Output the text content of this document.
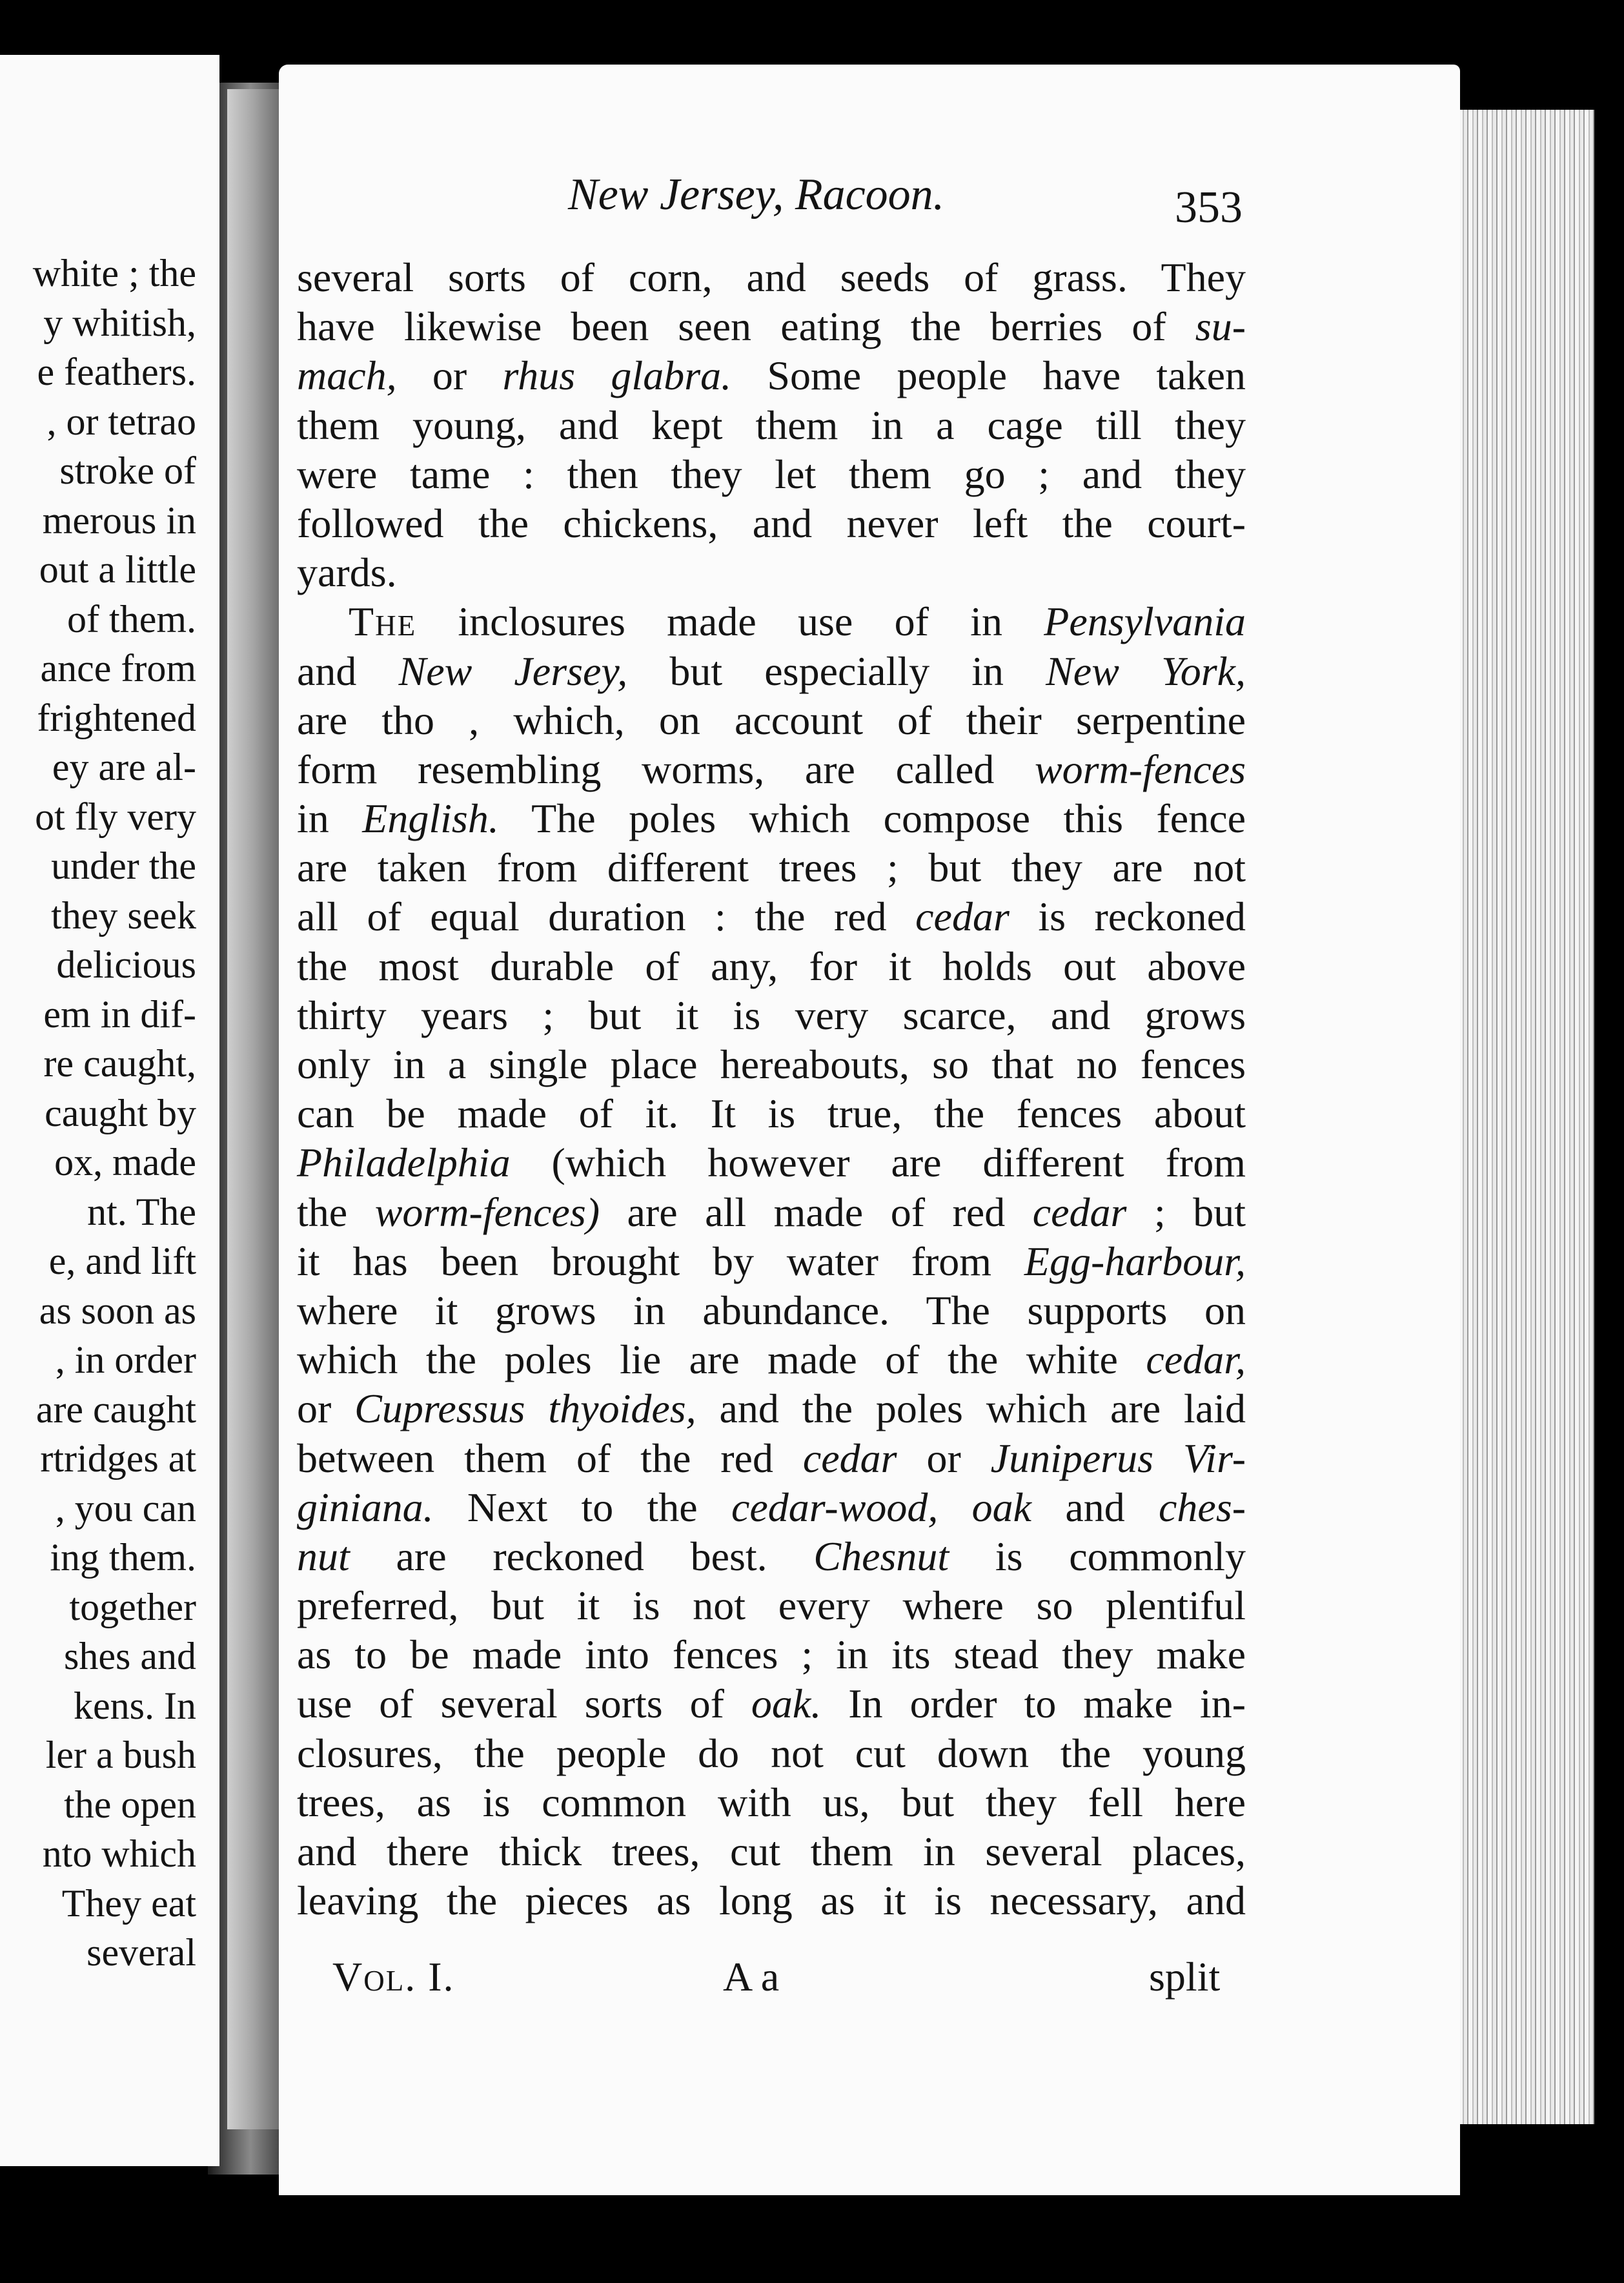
white ; the
y whitish,
e feathers.
, or tetrao
stroke of
merous in
out a little
of them.
ance from
frightened
ey are al-
ot fly very
under the
they seek
delicious
em in dif-
re caught,
caught by
ox, made
nt. The
e, and lift
as soon as
, in order
are caught
rtridges at
, you can
ing them.
together
shes and
kens. In
ler a bush
the open
nto which
They eat
several
New Jersey, Racoon.	353
several sorts of corn, and seeds of grass. They
have likewise been seen eating the berries of su-
mach, or rhus glabra. Some people have taken
them young, and kept them in a cage till they
were tame : then they let them go ; and they
followed the chickens, and never left the court-
yards.
The inclosures made use of in Pensylvania
and New Jersey, but especially in New York,
are tho , which, on account of their serpentine
form resembling worms, are called worm-fences
in English. The poles which compose this fence
are taken from different trees ; but they are not
all of equal duration : the red cedar is reckoned
the most durable of any, for it holds out above
thirty years ; but it is very scarce, and grows
only in a single place hereabouts, so that no fences
can be made of it. It is true, the fences about
Philadelphia (which however are different from
the worm-fences) are all made of red cedar ; but
it has been brought by water from Egg-harbour,
where it grows in abundance. The supports on
which the poles lie are made of the white cedar,
or Cupressus thyoides, and the poles which are laid
between them of the red cedar or Juniperus Vir-
giniana. Next to the cedar-wood, oak and ches-
nut are reckoned best. Chesnut is commonly
preferred, but it is not every where so plentiful
as to be made into fences ; in its stead they make
use of several sorts of oak. In order to make in-
closures, the people do not cut down the young
trees, as is common with us, but they fell here
and there thick trees, cut them in several places,
leaving the pieces as long as it is necessary, and
Vol. I.	A a	split
